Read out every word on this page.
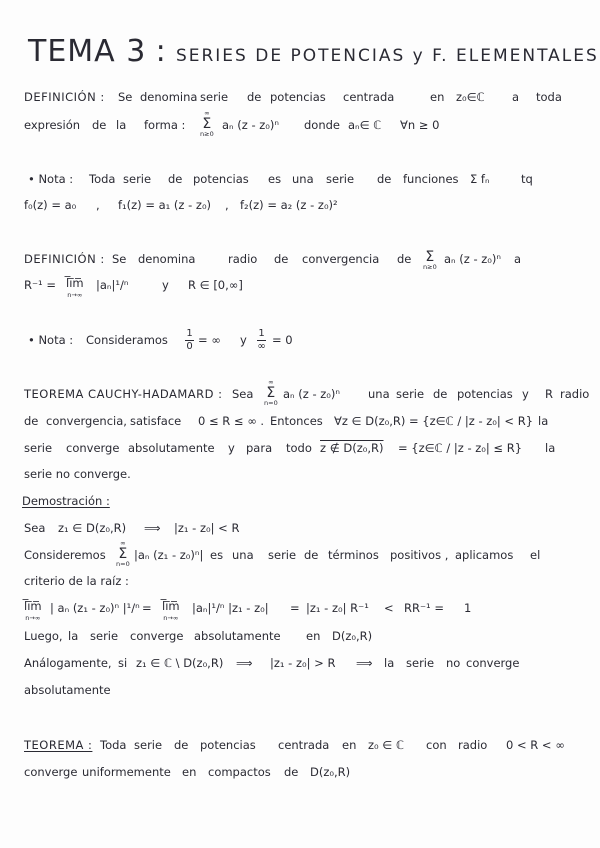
TEMA 3 : SERIES DE POTENCIAS y F. ELEMENTALES
DEFINICIÓN : Se denomina serie de potencias centrada	en z₀∈ℂ a toda
expresión de la forma :
∞
Σ
n≥0
aₙ (z - z₀)ⁿ donde aₙ∈ ℂ ∀n ≥ 0
• Nota : Toda serie de potencias es una serie de funciones Σ fₙ	tq
f₀(z) = a₀ , f₁(z) = a₁ (z - z₀) , f₂(z) = a₂ (z - z₀)²
DEFINICIÓN : Se denomina	radio de convergencia de Σ
n≥0
aₙ (z - z₀)ⁿ a
R⁻¹ = l̅i̅m̅
n→∞
|aₙ|¹/ⁿ	y R ∈ [0,∞]
• Nota : Consideramos 1
0 = ∞ y 1
∞ = 0
TEOREMA CAUCHY-HADAMARD : Sea
∞
Σ
n=0
aₙ (z - z₀)ⁿ una serie de potencias y R radio
de convergencia, satisface 0 ≤ R ≤ ∞ . Entonces ∀z ∈ D(z₀,R) = {z∈ℂ / |z - z₀| < R} la
serie converge absolutamente y para todo z ∉ D(z₀,R) = {z∈ℂ / |z - z₀| ≤ R} la
serie no converge.
Demostración :
Sea z₁ ∈ D(z₀,R) ⟹ |z₁ - z₀| < R
Consideremos
∞
Σ
n=0
|aₙ (z₁ - z₀)ⁿ| es una serie de términos positivos , aplicamos el
criterio de la raíz :
l̅i̅m̅
n→∞
| aₙ (z₁ - z₀)ⁿ |¹/ⁿ = l̅i̅m̅
n→∞
|aₙ|¹/ⁿ |z₁ - z₀| = |z₁ - z₀| R⁻¹ < RR⁻¹ = 1
Luego, la serie converge absolutamente en D(z₀,R)
Análogamente, si z₁ ∈ ℂ \ D(z₀,R) ⟹ |z₁ - z₀| > R ⟹ la serie no converge
absolutamente
TEOREMA : Toda serie de potencias centrada en z₀ ∈ ℂ con radio 0 < R < ∞
converge uniformemente en compactos de D(z₀,R)
